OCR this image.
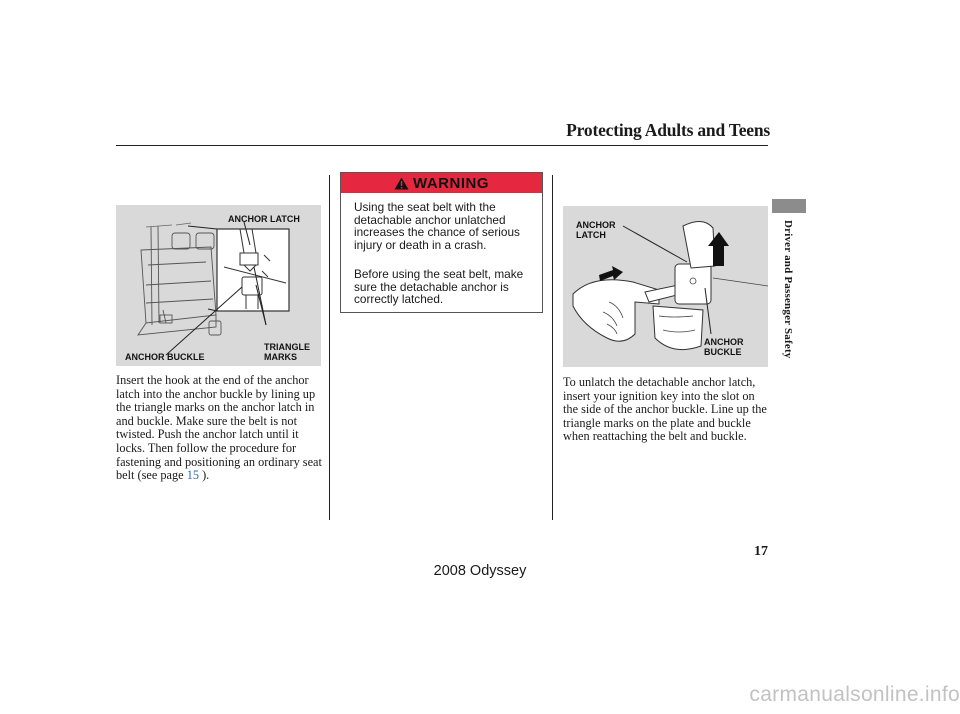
Protecting Adults and Teens
ANCHOR LATCH
TRIANGLE
MARKS
ANCHOR BUCKLE
Insert the hook at the end of the anchor latch into the anchor buckle by lining up the triangle marks on the anchor latch in and buckle. Make sure the belt is not twisted. Push the anchor latch until it locks. Then follow the procedure for fastening and positioning an ordinary seat belt (see page 15 ).
WARNING
Using the seat belt with the detachable anchor unlatched increases the chance of serious injury or death in a crash.
Before using the seat belt, make sure the detachable anchor is correctly latched.
ANCHOR
LATCH
ANCHOR
BUCKLE
To unlatch the detachable anchor latch, insert your ignition key into the slot on the side of the anchor buckle. Line up the triangle marks on the plate and buckle when reattaching the belt and buckle.
Driver and Passenger Safety
17
2008 Odyssey
carmanualsonline.info
